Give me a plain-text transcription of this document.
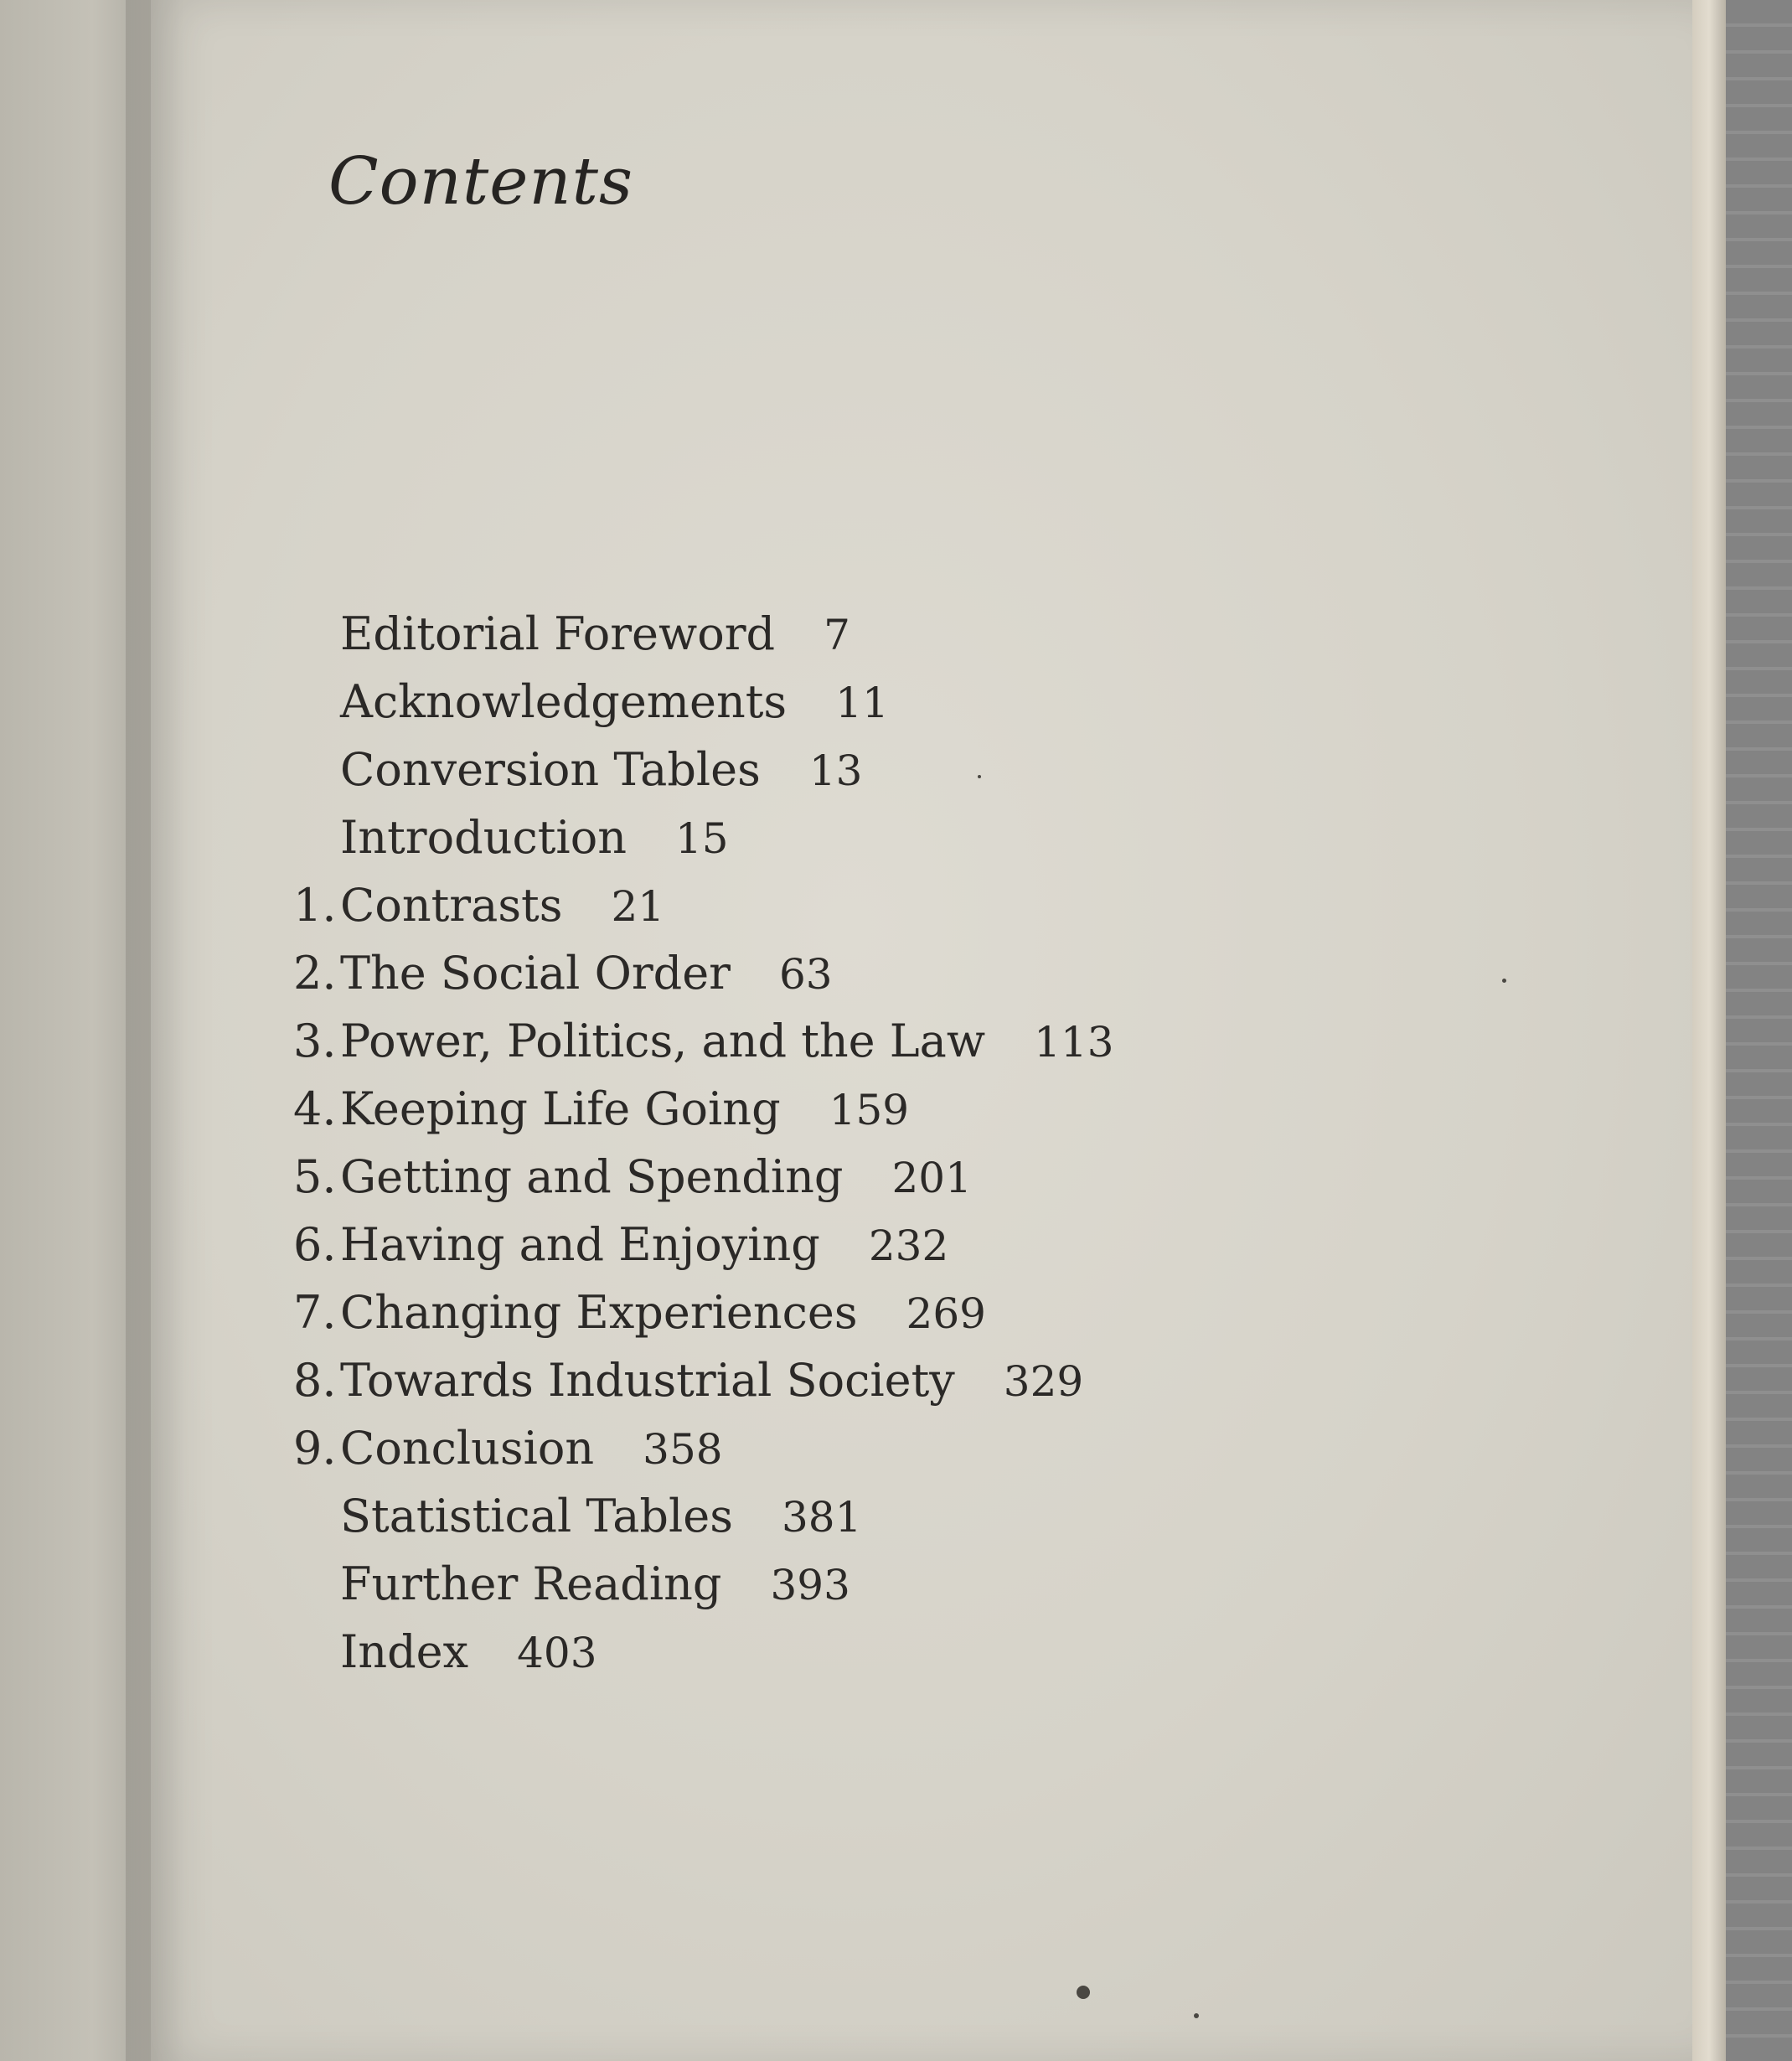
Contents
Editorial Foreword 7
Acknowledgements 11
Conversion Tables 13
Introduction 15
1. Contrasts 21
2. The Social Order 63
3. Power, Politics, and the Law 113
4. Keeping Life Going 159
5. Getting and Spending 201
6. Having and Enjoying 232
7. Changing Experiences 269
8. Towards Industrial Society 329
9. Conclusion 358
Statistical Tables 381
Further Reading 393
Index 403
